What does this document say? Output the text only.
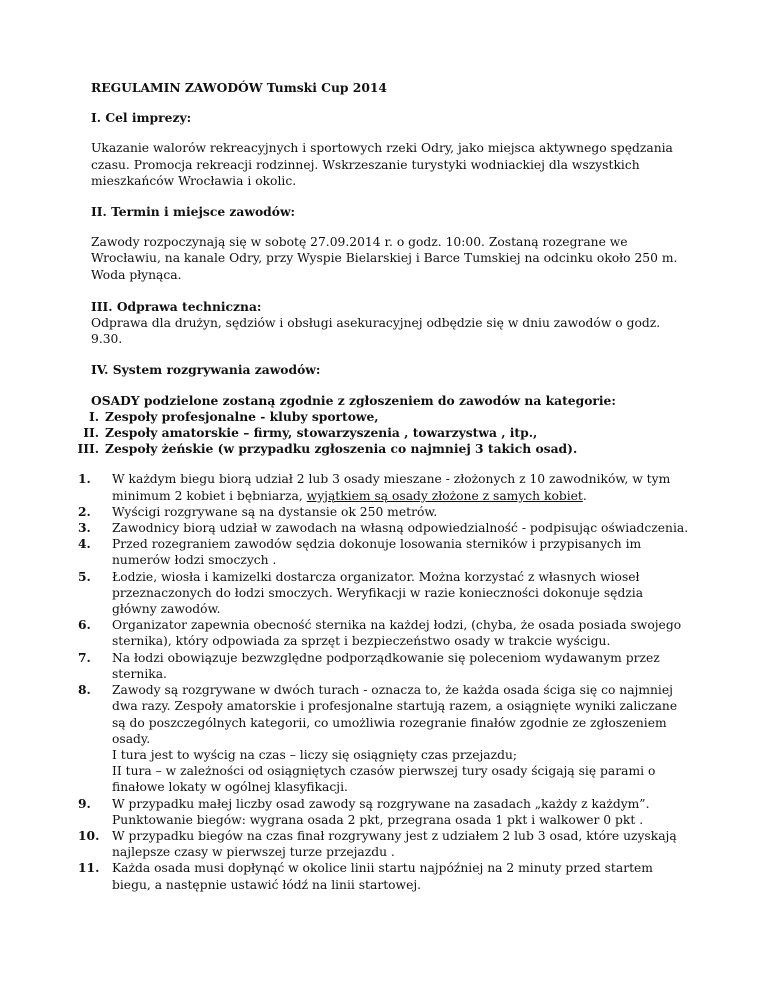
REGULAMIN ZAWODÓW Tumski Cup 2014

I. Cel imprezy:

Ukazanie walorów rekreacyjnych i sportowych rzeki Odry, jako miejsca aktywnego spędzania czasu. Promocja rekreacji rodzinnej. Wskrzeszanie turystyki wodniackiej dla wszystkich mieszkańców Wrocławia i okolic.

II. Termin i miejsce zawodów:

Zawody rozpoczynają się w sobotę 27.09.2014 r. o godz. 10:00. Zostaną rozegrane we Wrocławiu, na kanale Odry, przy Wyspie Bielarskiej i Barce Tumskiej na odcinku około 250 m. Woda płynąca.

III. Odprawa techniczna:

Odprawa dla drużyn, sędziów i obsługi asekuracyjnej odbędzie się w dniu zawodów o godz. 9.30.

IV. System rozgrywania zawodów:

OSADY podzielone zostaną zgodnie z zgłoszeniem do zawodów na kategorie:

I. Zespoły profesjonalne - kluby sportowe,
II. Zespoły amatorskie – firmy, stowarzyszenia , towarzystwa , itp.,
III. Zespoły żeńskie (w przypadku zgłoszenia co najmniej 3 takich osad).
1.	W każdym biegu biorą udział 2 lub 3 osady mieszane - złożonych z 10 zawodników, w tym minimum 2 kobiet i bębniarza, wyjątkiem są osady złożone z samych kobiet.
2.	Wyścigi rozgrywane są na dystansie ok 250 metrów.
3.	Zawodnicy biorą udział w zawodach na własną odpowiedzialność - podpisując oświadczenia.
4.	Przed rozegraniem zawodów sędzia dokonuje losowania sterników i przypisanych im numerów łodzi smoczych .
5.	Łodzie, wiosła i kamizelki dostarcza organizator. Można korzystać z własnych wioseł przeznaczonych do łodzi smoczych. Weryfikacji w razie konieczności dokonuje sędzia główny zawodów.
6.	Organizator zapewnia obecność sternika na każdej łodzi, (chyba, że osada posiada swojego sternika), który odpowiada za sprzęt i bezpieczeństwo osady w trakcie wyścigu.
7.	Na łodzi obowiązuje bezwzględne podporządkowanie się poleceniom wydawanym przez sternika.
8.	Zawody są rozgrywane w dwóch turach - oznacza to, że każda osada ściga się co najmniej dwa razy. Zespoły amatorskie i profesjonalne startują razem, a osiągnięte wyniki zaliczane są do poszczególnych kategorii, co umożliwia rozegranie finałów zgodnie ze zgłoszeniem osady.
I tura jest to wyścig na czas – liczy się osiągnięty czas przejazdu;
II tura – w zależności od osiągniętych czasów pierwszej tury osady ścigają się parami o finałowe lokaty w ogólnej klasyfikacji.
9.	W przypadku małej liczby osad zawody są rozgrywane na zasadach „każdy z każdym”. Punktowanie biegów: wygrana osada 2 pkt, przegrana osada 1 pkt i walkower 0 pkt .
10.	W przypadku biegów na czas finał rozgrywany jest z udziałem 2 lub 3 osad, które uzyskają najlepsze czasy w pierwszej turze przejazdu .
11.	Każda osada musi dopłynąć w okolice linii startu najpóźniej na 2 minuty przed startem biegu, a następnie ustawić łódź na linii startowej.
